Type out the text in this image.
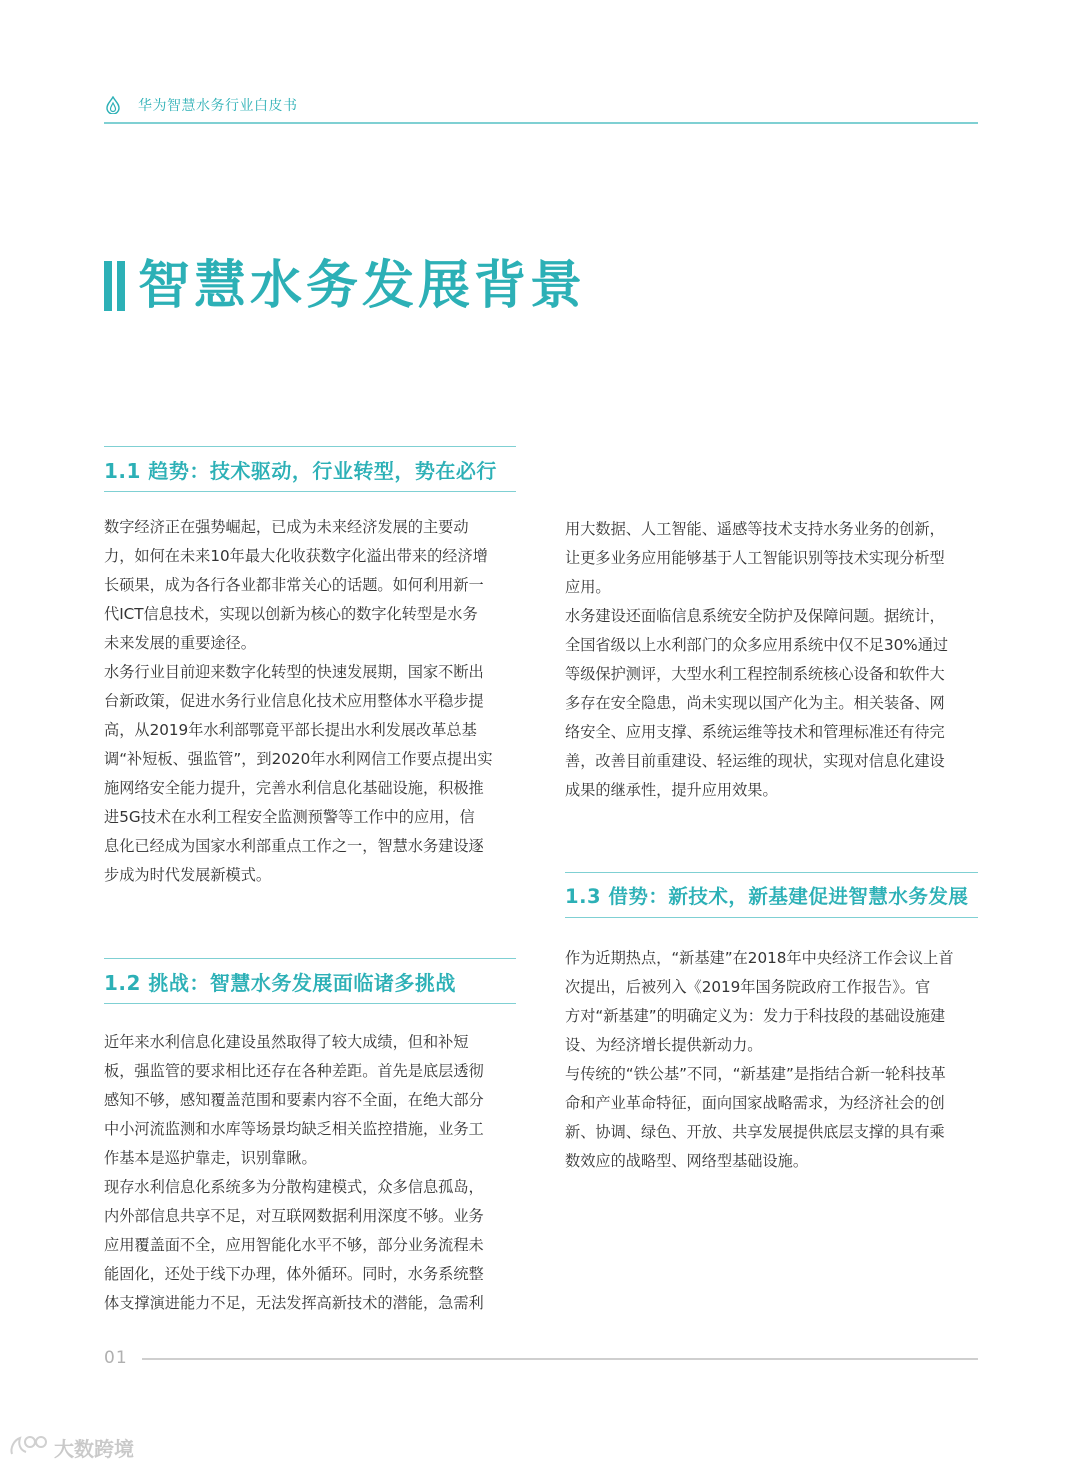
华为智慧水务行业白皮书
智慧水务发展背景
1.1 趋势：技术驱动，行业转型，势在必行
数字经济正在强势崛起，已成为未来经济发展的主要动
力，如何在未来10年最大化收获数字化溢出带来的经济增
长硕果，成为各行各业都非常关心的话题。如何利用新一
代ICT信息技术，实现以创新为核心的数字化转型是水务
未来发展的重要途径。
水务行业目前迎来数字化转型的快速发展期，国家不断出
台新政策，促进水务行业信息化技术应用整体水平稳步提
高，从2019年水利部鄂竟平部长提出水利发展改革总基
调“补短板、强监管”，到2020年水利网信工作要点提出实
施网络安全能力提升，完善水利信息化基础设施，积极推
进5G技术在水利工程安全监测预警等工作中的应用，信
息化已经成为国家水利部重点工作之一，智慧水务建设逐
步成为时代发展新模式。
1.2 挑战：智慧水务发展面临诸多挑战
近年来水利信息化建设虽然取得了较大成绩，但和补短
板，强监管的要求相比还存在各种差距。首先是底层透彻
感知不够，感知覆盖范围和要素内容不全面，在绝大部分
中小河流监测和水库等场景均缺乏相关监控措施，业务工
作基本是巡护靠走，识别靠瞅。
现存水利信息化系统多为分散构建模式，众多信息孤岛，
内外部信息共享不足，对互联网数据利用深度不够。业务
应用覆盖面不全，应用智能化水平不够，部分业务流程未
能固化，还处于线下办理，体外循环。同时，水务系统整
体支撑演进能力不足，无法发挥高新技术的潜能，急需利
用大数据、人工智能、遥感等技术支持水务业务的创新，
让更多业务应用能够基于人工智能识别等技术实现分析型
应用。
水务建设还面临信息系统安全防护及保障问题。据统计，
全国省级以上水利部门的众多应用系统中仅不足30%通过
等级保护测评，大型水利工程控制系统核心设备和软件大
多存在安全隐患，尚未实现以国产化为主。相关装备、网
络安全、应用支撑、系统运维等技术和管理标准还有待完
善，改善目前重建设、轻运维的现状，实现对信息化建设
成果的继承性，提升应用效果。
1.3 借势：新技术，新基建促进智慧水务发展
作为近期热点，“新基建”在2018年中央经济工作会议上首
次提出，后被列入《2019年国务院政府工作报告》。官
方对“新基建”的明确定义为：发力于科技段的基础设施建
设、为经济增长提供新动力。
与传统的“铁公基”不同，“新基建”是指结合新一轮科技革
命和产业革命特征，面向国家战略需求，为经济社会的创
新、协调、绿色、开放、共享发展提供底层支撑的具有乘
数效应的战略型、网络型基础设施。
01
大数跨境
